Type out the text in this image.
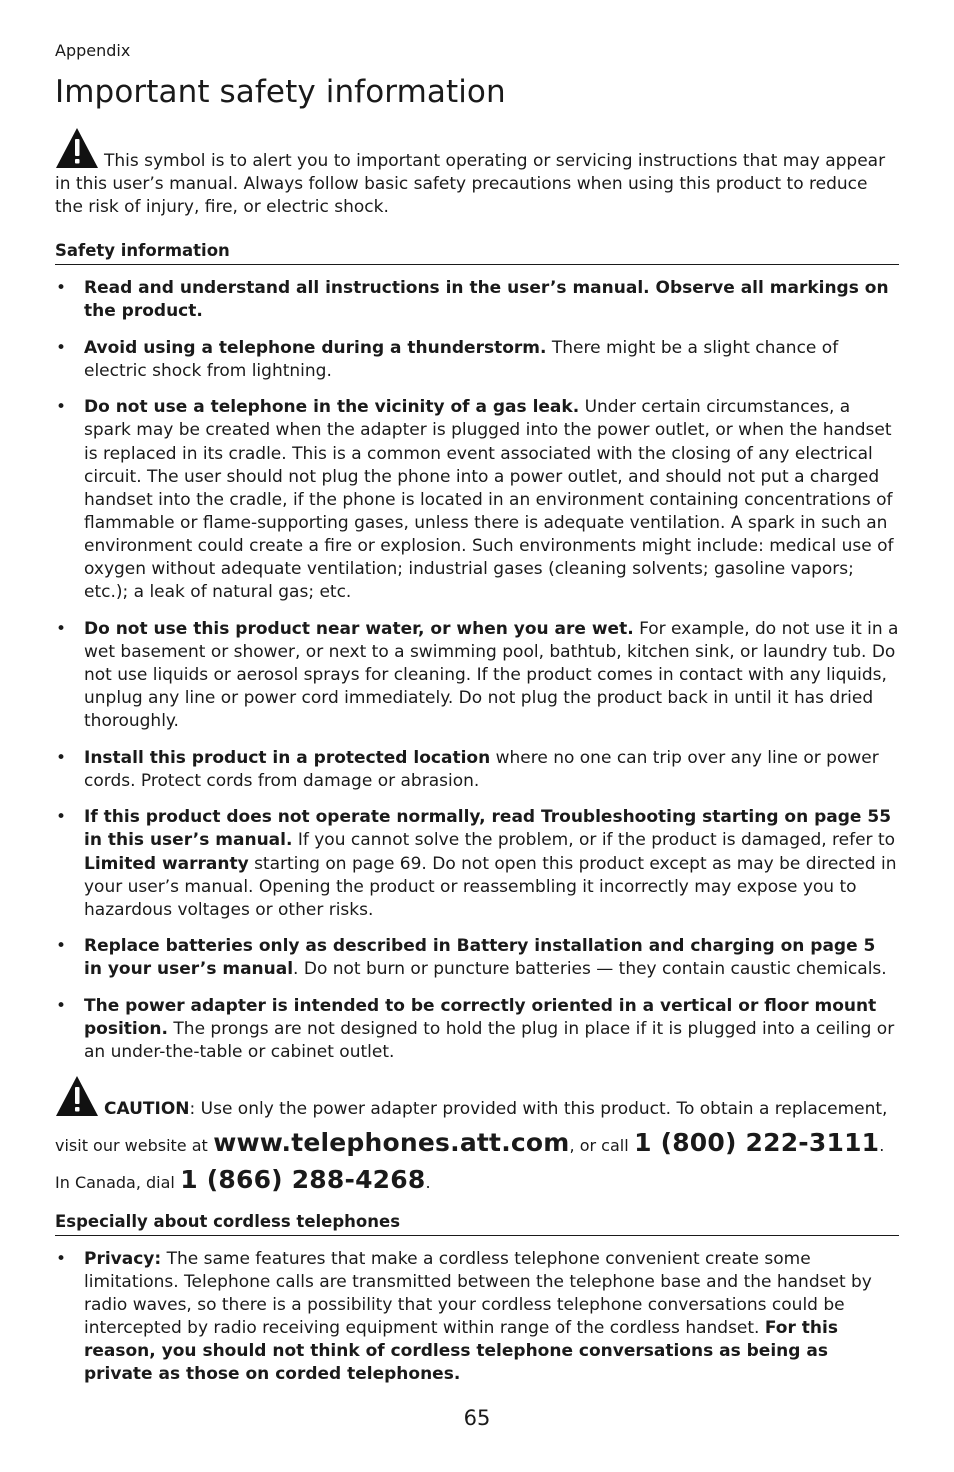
Appendix
Important safety information
This symbol is to alert you to important operating or servicing instructions that may appear in this user’s manual. Always follow basic safety precautions when using this product to reduce the risk of injury, fire, or electric shock.
Safety information
• Read and understand all instructions in the user’s manual. Observe all markings on the product.
• Avoid using a telephone during a thunderstorm. There might be a slight chance of electric shock from lightning.
• Do not use a telephone in the vicinity of a gas leak. Under certain circumstances, a spark may be created when the adapter is plugged into the power outlet, or when the handset is replaced in its cradle. This is a common event associated with the closing of any electrical circuit. The user should not plug the phone into a power outlet, and should not put a charged handset into the cradle, if the phone is located in an environment containing concentrations of flammable or flame-supporting gases, unless there is adequate ventilation. A spark in such an environment could create a fire or explosion. Such environments might include: medical use of oxygen without adequate ventilation; industrial gases (cleaning solvents; gasoline vapors; etc.); a leak of natural gas; etc.
• Do not use this product near water, or when you are wet. For example, do not use it in a wet basement or shower, or next to a swimming pool, bathtub, kitchen sink, or laundry tub. Do not use liquids or aerosol sprays for cleaning. If the product comes in contact with any liquids, unplug any line or power cord immediately. Do not plug the product back in until it has dried thoroughly.
• Install this product in a protected location where no one can trip over any line or power cords. Protect cords from damage or abrasion.
• If this product does not operate normally, read Troubleshooting starting on page 55 in this user’s manual. If you cannot solve the problem, or if the product is damaged, refer to Limited warranty starting on page 69. Do not open this product except as may be directed in your user’s manual. Opening the product or reassembling it incorrectly may expose you to hazardous voltages or other risks.
• Replace batteries only as described in Battery installation and charging on page 5 in your user’s manual. Do not burn or puncture batteries — they contain caustic chemicals.
• The power adapter is intended to be correctly oriented in a vertical or floor mount position. The prongs are not designed to hold the plug in place if it is plugged into a ceiling or an under-the-table or cabinet outlet.
CAUTION: Use only the power adapter provided with this product. To obtain a replacement,
visit our website at www.telephones.att.com, or call 1 (800) 222-3111.
In Canada, dial 1 (866) 288-4268.
Especially about cordless telephones
• Privacy: The same features that make a cordless telephone convenient create some limitations. Telephone calls are transmitted between the telephone base and the handset by radio waves, so there is a possibility that your cordless telephone conversations could be intercepted by radio receiving equipment within range of the cordless handset. For this reason, you should not think of cordless telephone conversations as being as private as those on corded telephones.
65
